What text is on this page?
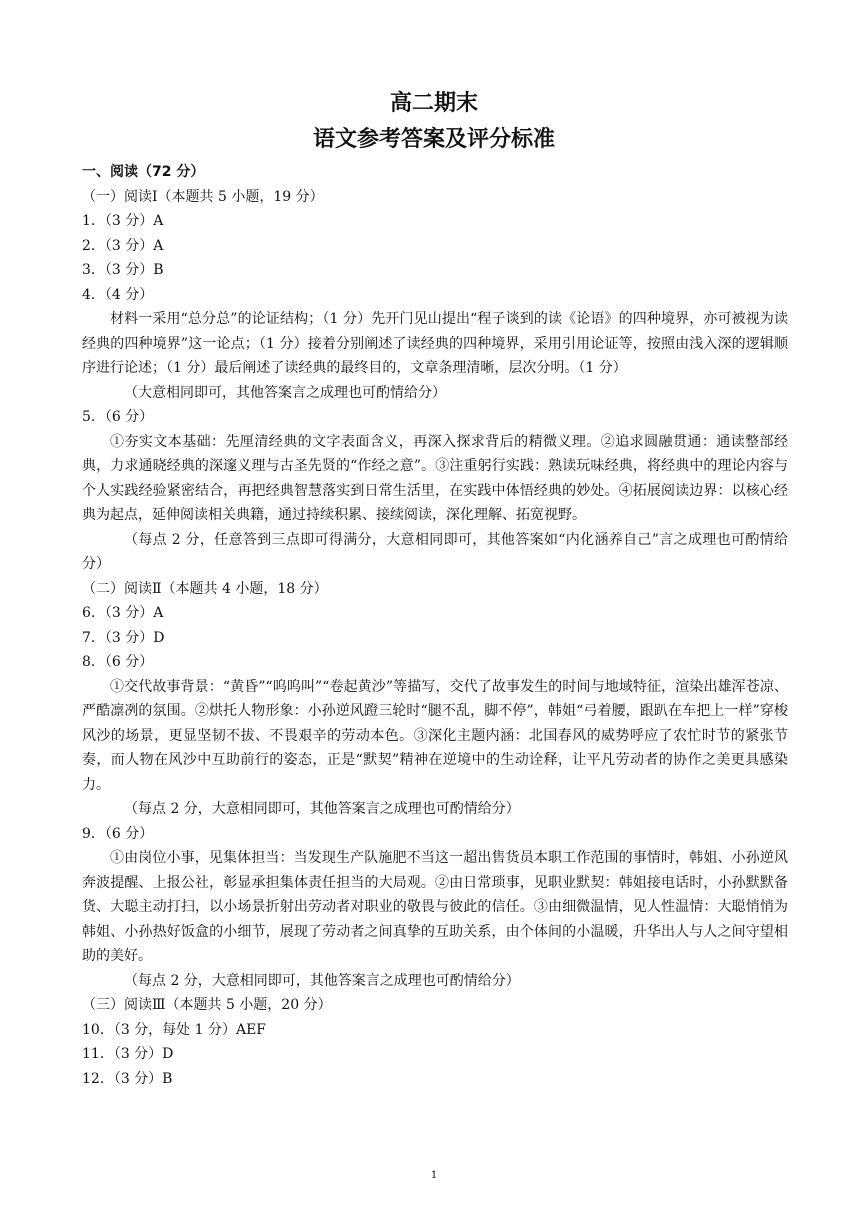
高二期末
语文参考答案及评分标准
一、阅读（72 分）
（一）阅读Ⅰ（本题共 5 小题，19 分）
1．（3 分）A
2．（3 分）A
3．（3 分）B
4．（4 分）

材料一采用“总分总”的论证结构；（1 分）先开门见山提出“程子谈到的读《论语》的四种境界，亦可被视为读经典的四种境界”这一论点；（1 分）接着分别阐述了读经典的四种境界，采用引用论证等，按照由浅入深的逻辑顺序进行论述；（1 分）最后阐述了读经典的最终目的，文章条理清晰，层次分明。（1 分）

（大意相同即可，其他答案言之成理也可酌情给分）

5．（6 分）

①夯实文本基础：先厘清经典的文字表面含义，再深入探求背后的精微义理。②追求圆融贯通：通读整部经典，力求通晓经典的深邃义理与古圣先贤的“作经之意”。③注重躬行实践：熟读玩味经典，将经典中的理论内容与个人实践经验紧密结合，再把经典智慧落实到日常生活里，在实践中体悟经典的妙处。④拓展阅读边界：以核心经典为起点，延伸阅读相关典籍，通过持续积累、接续阅读，深化理解、拓宽视野。

（每点 2 分，任意答到三点即可得满分，大意相同即可，其他答案如“内化涵养自己”言之成理也可酌情给分）

（二）阅读Ⅱ（本题共 4 小题，18 分）
6．（3 分）A
7．（3 分）D
8．（6 分）

①交代故事背景：“黄昏”“呜呜叫”“卷起黄沙”等描写，交代了故事发生的时间与地域特征，渲染出雄浑苍凉、严酷凛冽的氛围。②烘托人物形象：小孙逆风蹬三轮时“腿不乱，脚不停”，韩姐“弓着腰，跟趴在车把上一样”穿梭风沙的场景，更显坚韧不拔、不畏艰辛的劳动本色。③深化主题内涵：北国春风的威势呼应了农忙时节的紧张节奏，而人物在风沙中互助前行的姿态，正是“默契”精神在逆境中的生动诠释，让平凡劳动者的协作之美更具感染力。

（每点 2 分，大意相同即可，其他答案言之成理也可酌情给分）

9．（6 分）

①由岗位小事，见集体担当：当发现生产队施肥不当这一超出售货员本职工作范围的事情时，韩姐、小孙逆风奔波提醒、上报公社，彰显承担集体责任担当的大局观。②由日常琐事，见职业默契：韩姐接电话时，小孙默默备货、大聪主动打扫，以小场景折射出劳动者对职业的敬畏与彼此的信任。③由细微温情，见人性温情：大聪悄悄为韩姐、小孙热好饭盒的小细节，展现了劳动者之间真挚的互助关系，由个体间的小温暖，升华出人与人之间守望相助的美好。

（每点 2 分，大意相同即可，其他答案言之成理也可酌情给分）

（三）阅读Ⅲ（本题共 5 小题，20 分）
10．（3 分，每处 1 分）AEF
11．（3 分）D
12．（3 分）B
1
